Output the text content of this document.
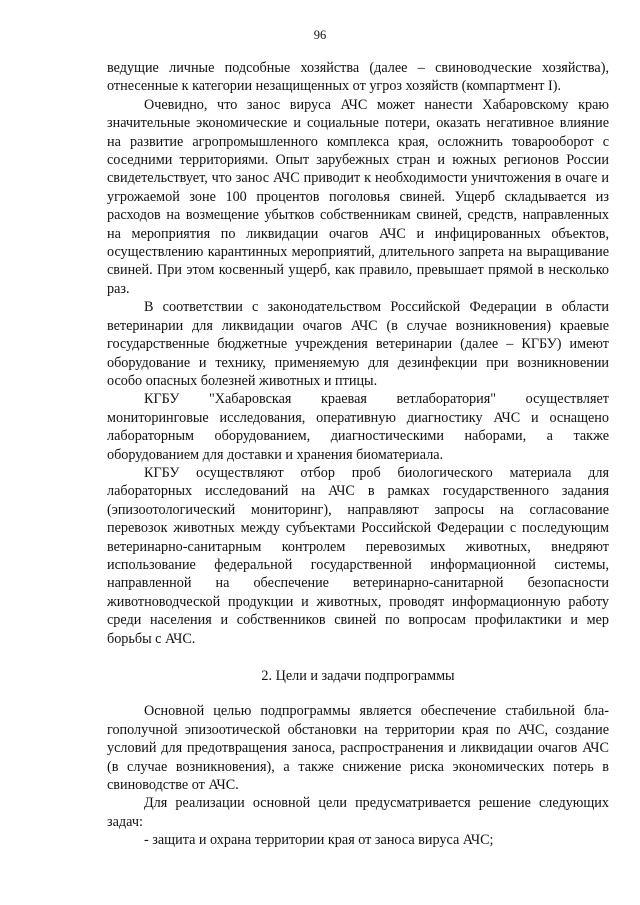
96

ведущие личные подсобные хозяйства (далее – свиноводческие хозяйства), отнесенные к категории незащищенных от угроз хозяйств (компартмент I).

Очевидно, что занос вируса АЧС может нанести Хабаровскому краю значительные экономические и социальные потери, оказать негативное влияние на развитие агропромышленного комплекса края, осложнить товарооборот с соседними территориями. Опыт зарубежных стран и южных регионов России свидетельствует, что занос АЧС приводит к необходимости уничтожения в очаге и угрожаемой зоне 100 процентов поголовья свиней. Ущерб складывается из расходов на возмещение убытков собственникам свиней, средств, направленных на мероприятия по ликвидации очагов АЧС и инфицированных объектов, осуществлению карантинных мероприятий, длительного запрета на выращивание свиней. При этом косвенный ущерб, как правило, превышает прямой в несколько раз.

В соответствии с законодательством Российской Федерации в области ветеринарии для ликвидации очагов АЧС (в случае возникновения) краевые государственные бюджетные учреждения ветеринарии (далее – КГБУ) имеют оборудование и технику, применяемую для дезинфекции при возникновении особо опасных болезней животных и птицы.

КГБУ "Хабаровская краевая ветлаборатория" осуществляет мониторинговые исследования, оперативную диагностику АЧС и оснащено лабораторным оборудованием, диагностическими наборами, а также оборудованием для доставки и хранения биоматериала.

КГБУ осуществляют отбор проб биологического материала для лабораторных исследований на АЧС в рамках государственного задания (эпизоотологический мониторинг), направляют запросы на согласование перевозок животных между субъектами Российской Федерации с последующим ветеринарно-санитарным контролем перевозимых животных, внедряют использование федеральной государственной информационной системы, направленной на обеспечение ветеринарно-санитарной безопасности животноводческой продукции и животных, проводят информационную работу среди населения и собственников свиней по вопросам профилактики и мер борьбы с АЧС.

2. Цели и задачи подпрограммы

Основной целью подпрограммы является обеспечение стабильной благополучной эпизоотической обстановки на территории края по АЧС, создание условий для предотвращения заноса, распространения и ликвидации очагов АЧС (в случае возникновения), а также снижение риска экономических потерь в свиноводстве от АЧС.

Для реализации основной цели предусматривается решение следующих задач:

- защита и охрана территории края от заноса вируса АЧС;
